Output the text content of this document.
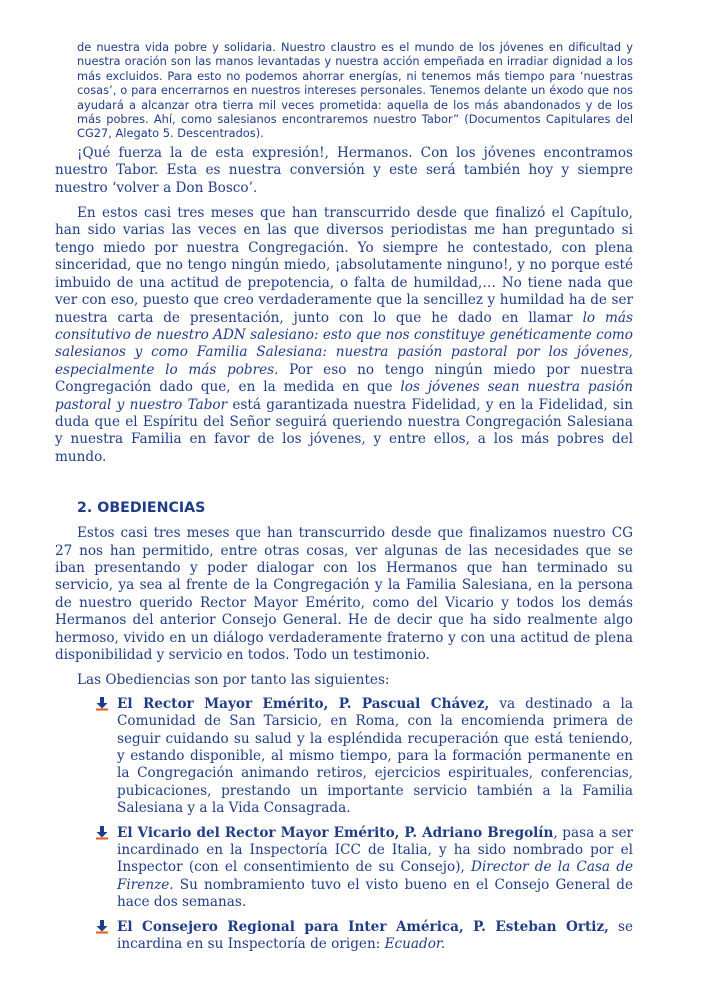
de nuestra vida pobre y solidaria. Nuestro claustro es el mundo de los jóvenes en dificultad y nuestra oración son las manos levantadas y nuestra acción empeñada en irradiar dignidad a los más excluidos. Para esto no podemos ahorrar energías, ni tenemos más tiempo para ‘nuestras cosas’, o para encerrarnos en nuestros intereses personales. Tenemos delante un éxodo que nos ayudará a alcanzar otra tierra mil veces prometida: aquella de los más abandonados y de los más pobres. Ahí, como salesianos encontraremos nuestro Tabor” (Documentos Capitulares del CG27, Alegato 5. Descentrados).

¡Qué fuerza la de esta expresión!, Hermanos. Con los jóvenes encontramos nuestro Tabor. Esta es nuestra conversión y este será también hoy y siempre nuestro ‘volver a Don Bosco’.

En estos casi tres meses que han transcurrido desde que finalizó el Capítulo, han sido varias las veces en las que diversos periodistas me han preguntado si tengo miedo por nuestra Congregación. Yo siempre he contestado, con plena sinceridad, que no tengo ningún miedo, ¡absolutamente ninguno!, y no porque esté imbuido de una actitud de prepotencia, o falta de humildad,… No tiene nada que ver con eso, puesto que creo verdaderamente que la sencillez y humildad ha de ser nuestra carta de presentación, junto con lo que he dado en llamar lo más consitutivo de nuestro ADN salesiano: esto que nos constituye genéticamente como salesianos y como Familia Salesiana: nuestra pasión pastoral por los jóvenes, especialmente lo más pobres. Por eso no tengo ningún miedo por nuestra Congregación dado que, en la medida en que los jóvenes sean nuestra pasión pastoral y nuestro Tabor está garantizada nuestra Fidelidad, y en la Fidelidad, sin duda que el Espíritu del Señor seguirá queriendo nuestra Congregación Salesiana y nuestra Familia en favor de los jóvenes, y entre ellos, a los más pobres del mundo.

2. OBEDIENCIAS

Estos casi tres meses que han transcurrido desde que finalizamos nuestro CG 27 nos han permitido, entre otras cosas, ver algunas de las necesidades que se iban presentando y poder dialogar con los Hermanos que han terminado su servicio, ya sea al frente de la Congregación y la Familia Salesiana, en la persona de nuestro querido Rector Mayor Emérito, como del Vicario y todos los demás Hermanos del anterior Consejo General. He de decir que ha sido realmente algo hermoso, vivido en un diálogo verdaderamente fraterno y con una actitud de plena disponibilidad y servicio en todos. Todo un testimonio.

Las Obediencias son por tanto las siguientes:

El Rector Mayor Emérito, P. Pascual Chávez, va destinado a la Comunidad de San Tarsicio, en Roma, con la encomienda primera de seguir cuidando su salud y la espléndida recuperación que está teniendo, y estando disponible, al mismo tiempo, para la formación permanente en la Congregación animando retiros, ejercicios espirituales, conferencias, pubicaciones, prestando un importante servicio también a la Familia Salesiana y a la Vida Consagrada.
El Vicario del Rector Mayor Emérito, P. Adriano Bregolín, pasa a ser incardinado en la Inspectoría ICC de Italia, y ha sido nombrado por el Inspector (con el consentimiento de su Consejo), Director de la Casa de Firenze. Su nombramiento tuvo el visto bueno en el Consejo General de hace dos semanas.
El Consejero Regional para Inter América, P. Esteban Ortiz, se incardina en su Inspectoría de origen: Ecuador.
